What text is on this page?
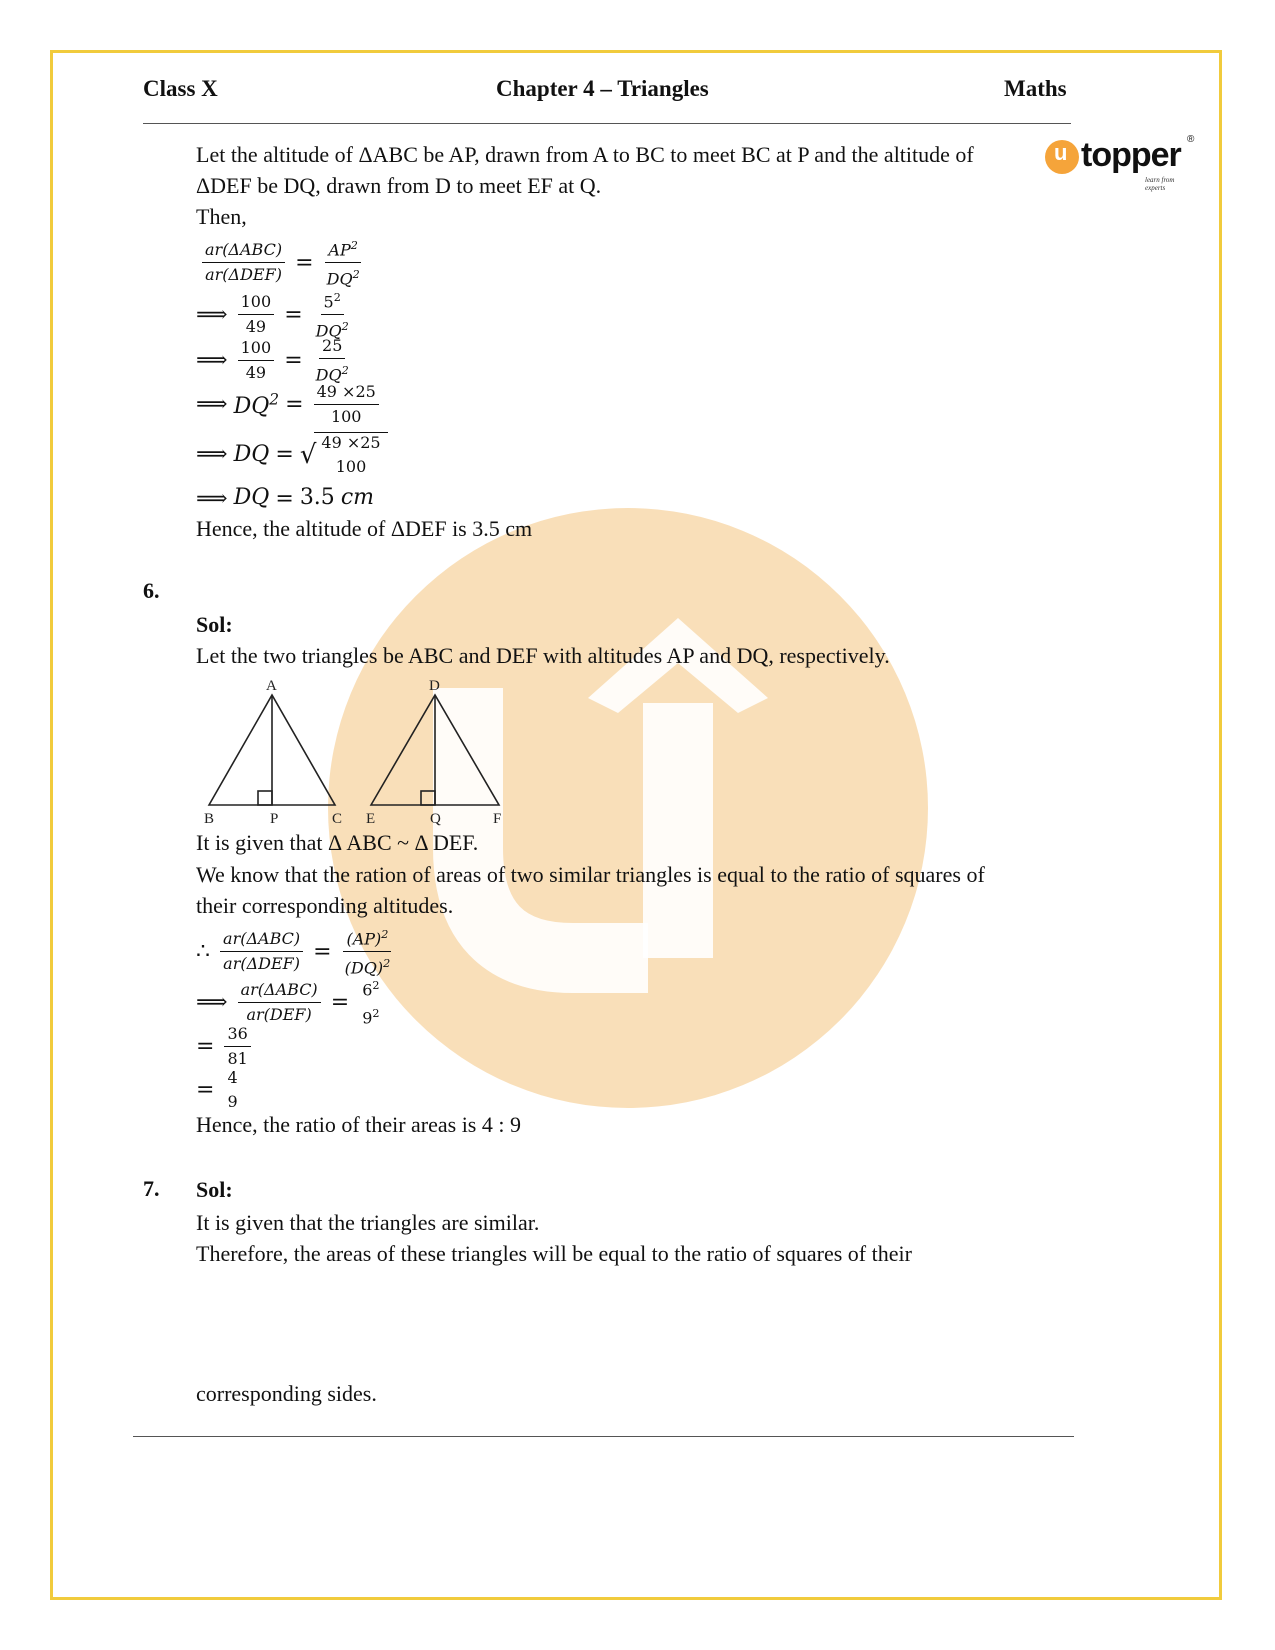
Class X	Chapter 4 – Triangles	Maths
topper
learn from experts
®
u
Let the altitude of ΔABC be AP, drawn from A to BC to meet BC at P and the altitude of
ΔDEF be DQ, drawn from D to meet EF at Q.
Then,
$\frac{\text{ar(ΔABC)}}{\text{ar(ΔDEF)}} = \frac{AP^2}{DQ^2}$
⟹ $\frac{100}{49} = \frac{5^2}{DQ^2}$
⟹ $\frac{100}{49} = \frac{25}{DQ^2}$
⟹ $DQ^2 = \frac{49 \times 25}{100}$
⟹ DQ = √ 49 ×25
100
⟹ DQ = 3.5 cm
Hence, the altitude of ΔDEF is 3.5 cm
6.
Sol:
Let the two triangles be ABC and DEF with altitudes AP and DQ, respectively.
A
B	P	C
D
E	Q	F
It is given that Δ ABC ~ Δ DEF.
We know that the ration of areas of two similar triangles is equal to the ratio of squares of
their corresponding altitudes.
∴ $\frac{\text{ar(ΔABC)}}{\text{ar(ΔDEF)}} = \frac{(AP)^2}{(DQ)^2}$
⟹ $\frac{\text{ar(ΔABC)}}{\text{ar(DEF)}} = 6^2$
$9^2$
= $\frac{36}{81}$
= 4
9
Hence, the ratio of their areas is 4 : 9
7. Sol:
It is given that the triangles are similar.
Therefore, the areas of these triangles will be equal to the ratio of squares of their
corresponding sides.
